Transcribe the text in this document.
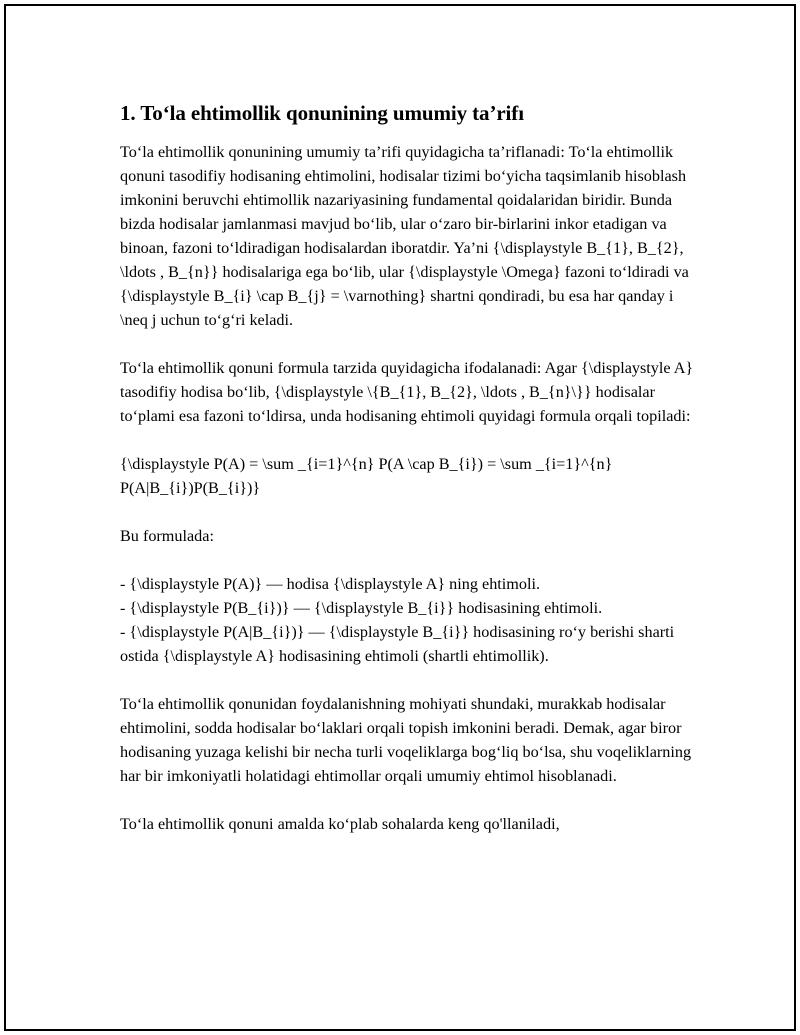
1. To‘la ehtimollik qonunining umumiy ta’rifı

To‘la ehtimollik qonunining umumiy ta’rifi quyidagicha ta’riflanadi: To‘la ehtimollik qonuni tasodifiy hodisaning ehtimolini, hodisalar tizimi bo‘yicha taqsimlanib hisoblash imkonini beruvchi ehtimollik nazariyasining fundamental qoidalaridan biridir. Bunda bizda hodisalar jamlanmasi mavjud bo‘lib, ular o‘zaro bir-birlarini inkor etadigan va binoan, fazoni to‘ldiradigan hodisalardan iboratdir. Ya’ni {\displaystyle B_{1}, B_{2}, \ldots , B_{n}} hodisalariga ega bo‘lib, ular {\displaystyle \Omega} fazoni to‘ldiradi va {\displaystyle B_{i} \cap B_{j} = \varnothing} shartni qondiradi, bu esa har qanday i \neq j uchun to‘g‘ri keladi.

To‘la ehtimollik qonuni formula tarzida quyidagicha ifodalanadi: Agar {\displaystyle A} tasodifiy hodisa bo‘lib, {\displaystyle \{B_{1}, B_{2}, \ldots , B_{n}\}} hodisalar to‘plami esa fazoni to‘ldirsa, unda hodisaning ehtimoli quyidagi formula orqali topiladi:

{\displaystyle P(A) = \sum _{i=1}^{n} P(A \cap B_{i}) = \sum _{i=1}^{n} P(A|B_{i})P(B_{i})}

Bu formulada:

- {\displaystyle P(A)} — hodisa {\displaystyle A} ning ehtimoli.
- {\displaystyle P(B_{i})} — {\displaystyle B_{i}} hodisasining ehtimoli.
- {\displaystyle P(A|B_{i})} — {\displaystyle B_{i}} hodisasining ro‘y berishi sharti ostida {\displaystyle A} hodisasining ehtimoli (shartli ehtimollik).

To‘la ehtimollik qonunidan foydalanishning mohiyati shundaki, murakkab hodisalar ehtimolini, sodda hodisalar bo‘laklari orqali topish imkonini beradi. Demak, agar biror hodisaning yuzaga kelishi bir necha turli voqeliklarga bog‘liq bo‘lsa, shu voqeliklarning har bir imkoniyatli holatidagi ehtimollar orqali umumiy ehtimol hisoblanadi.

To‘la ehtimollik qonuni amalda ko‘plab sohalarda keng qo'llaniladi,
